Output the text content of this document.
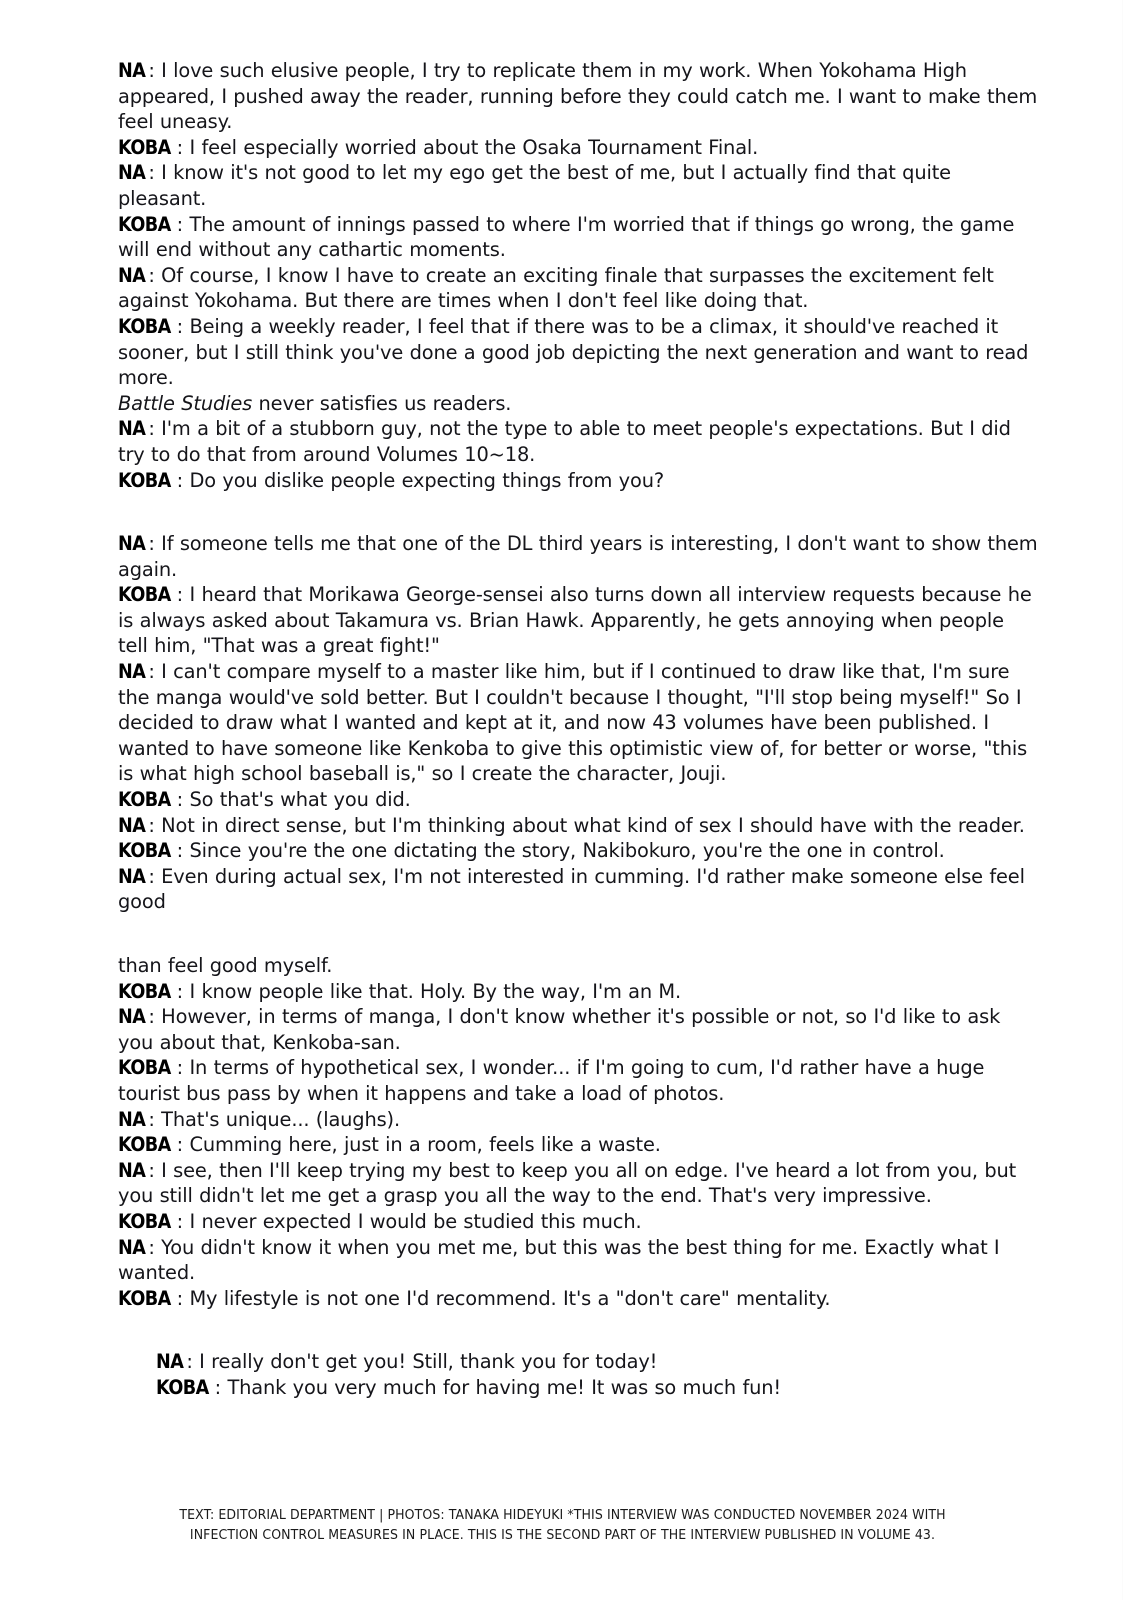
NA : I love such elusive people, I try to replicate them in my work. When Yokohama High appeared, I pushed away the reader, running before they could catch me. I want to make them feel uneasy.
KOBA : I feel especially worried about the Osaka Tournament Final.
NA : I know it's not good to let my ego get the best of me, but I actually find that quite pleasant.
KOBA : The amount of innings passed to where I'm worried that if things go wrong, the game will end without any cathartic moments.
NA : Of course, I know I have to create an exciting finale that surpasses the excitement felt against Yokohama. But there are times when I don't feel like doing that.
KOBA : Being a weekly reader, I feel that if there was to be a climax, it should've reached it sooner, but I still think you've done a good job depicting the next generation and want to read more.
Battle Studies never satisfies us readers.
NA : I'm a bit of a stubborn guy, not the type to able to meet people's expectations. But I did try to do that from around Volumes 10~18.
KOBA : Do you dislike people expecting things from you?

NA : If someone tells me that one of the DL third years is interesting, I don't want to show them again.
KOBA : I heard that Morikawa George-sensei also turns down all interview requests because he is always asked about Takamura vs. Brian Hawk. Apparently, he gets annoying when people tell him, "That was a great fight!"
NA : I can't compare myself to a master like him, but if I continued to draw like that, I'm sure the manga would've sold better. But I couldn't because I thought, "I'll stop being myself!" So I decided to draw what I wanted and kept at it, and now 43 volumes have been published. I wanted to have someone like Kenkoba to give this optimistic view of, for better or worse, "this is what high school baseball is," so I create the character, Jouji.
KOBA : So that's what you did.
NA : Not in direct sense, but I'm thinking about what kind of sex I should have with the reader.
KOBA : Since you're the one dictating the story, Nakibokuro, you're the one in control.
NA : Even during actual sex, I'm not interested in cumming. I'd rather make someone else feel good

than feel good myself.
KOBA : I know people like that. Holy. By the way, I'm an M.
NA : However, in terms of manga, I don't know whether it's possible or not, so I'd like to ask you about that, Kenkoba-san.
KOBA : In terms of hypothetical sex, I wonder... if I'm going to cum, I'd rather have a huge tourist bus pass by when it happens and take a load of photos.
NA : That's unique... (laughs).
KOBA : Cumming here, just in a room, feels like a waste.
NA : I see, then I'll keep trying my best to keep you all on edge. I've heard a lot from you, but you still didn't let me get a grasp you all the way to the end. That's very impressive.
KOBA : I never expected I would be studied this much.
NA : You didn't know it when you met me, but this was the best thing for me. Exactly what I wanted.
KOBA : My lifestyle is not one I'd recommend. It's a "don't care" mentality.

NA : I really don't get you! Still, thank you for today!
KOBA : Thank you very much for having me! It was so much fun!

TEXT: EDITORIAL DEPARTMENT | PHOTOS: TANAKA HIDEYUKI *THIS INTERVIEW WAS CONDUCTED NOVEMBER 2024 WITH
INFECTION CONTROL MEASURES IN PLACE. THIS IS THE SECOND PART OF THE INTERVIEW PUBLISHED IN VOLUME 43.
